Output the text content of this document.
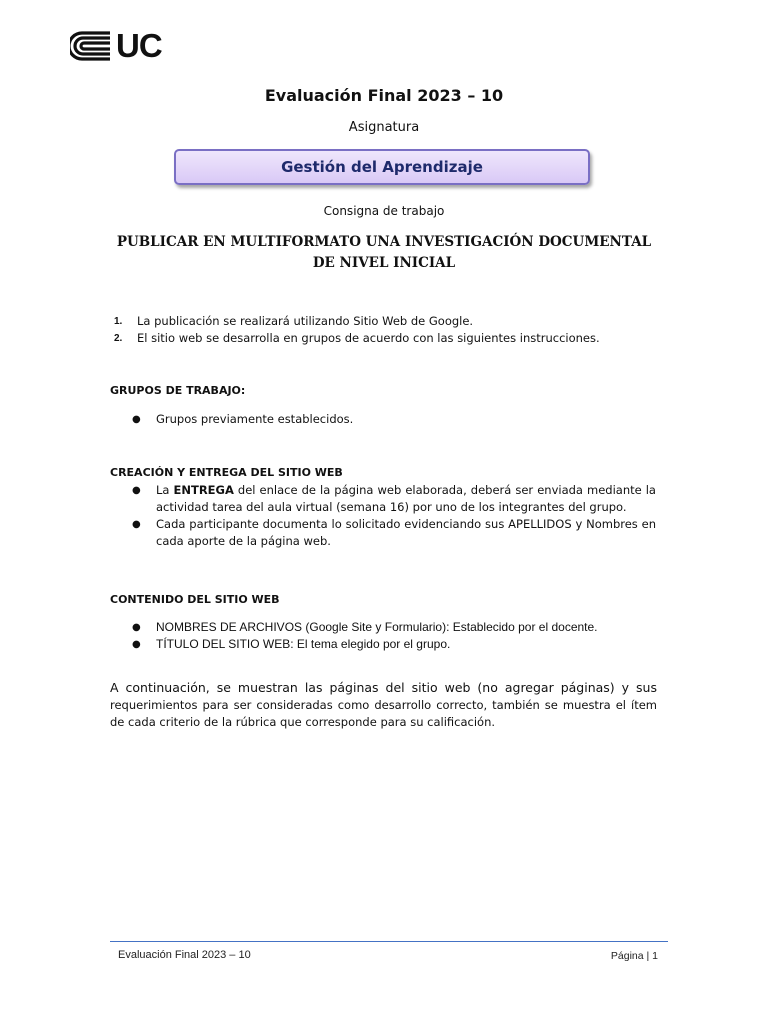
UC
Evaluación Final 2023 – 10
Asignatura
Gestión del Aprendizaje
Consigna de trabajo
PUBLICAR EN MULTIFORMATO UNA INVESTIGACIÓN DOCUMENTAL
DE NIVEL INICIAL
1.	La publicación se realizará utilizando Sitio Web de Google.
2.	El sitio web se desarrolla en grupos de acuerdo con las siguientes instrucciones.
GRUPOS DE TRABAJO:
●	Grupos previamente establecidos.
CREACIÓN Y ENTREGA DEL SITIO WEB
●	La ENTREGA del enlace de la página web elaborada, deberá ser enviada mediante la actividad tarea del aula virtual (semana 16) por uno de los integrantes del grupo.
●	Cada participante documenta lo solicitado evidenciando sus APELLIDOS y Nombres en cada aporte de la página web.
CONTENIDO DEL SITIO WEB
●	NOMBRES DE ARCHIVOS (Google Site y Formulario): Establecido por el docente.
●	TÍTULO DEL SITIO WEB: El tema elegido por el grupo.
A continuación, se muestran las páginas del sitio web (no agregar páginas) y sus requerimientos para ser consideradas como desarrollo correcto, también se muestra el ítem de cada criterio de la rúbrica que corresponde para su calificación.
Evaluación Final 2023 – 10	Página | 1
